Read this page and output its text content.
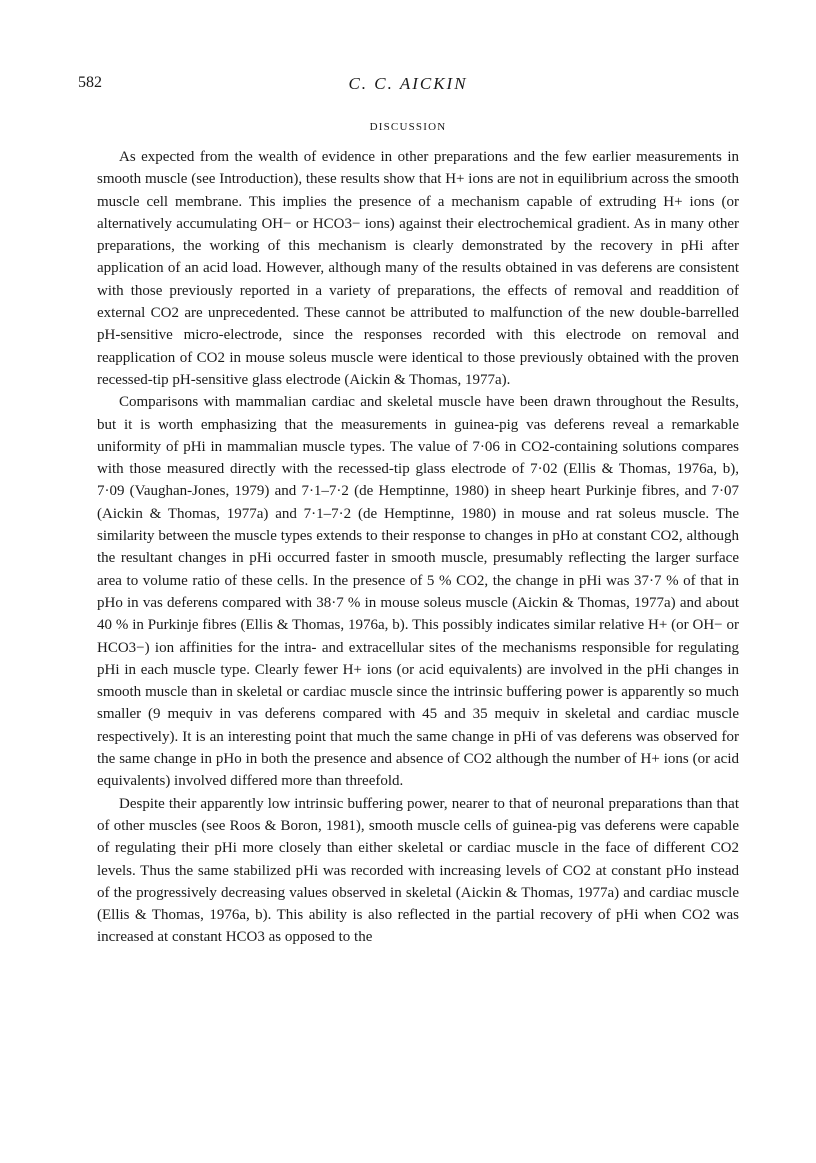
582	C. C. AICKIN
DISCUSSION

As expected from the wealth of evidence in other preparations and the few earlier measurements in smooth muscle (see Introduction), these results show that H+ ions are not in equilibrium across the smooth muscle cell membrane. This implies the presence of a mechanism capable of extruding H+ ions (or alternatively accumulating OH− or HCO3− ions) against their electrochemical gradient. As in many other preparations, the working of this mechanism is clearly demonstrated by the recovery in pHi after application of an acid load. However, although many of the results obtained in vas deferens are consistent with those previously reported in a variety of preparations, the effects of removal and readdition of external CO2 are unprecedented. These cannot be attributed to malfunction of the new double-barrelled pH-sensitive micro-electrode, since the responses recorded with this electrode on removal and reapplication of CO2 in mouse soleus muscle were identical to those previously obtained with the proven recessed-tip pH-sensitive glass electrode (Aickin & Thomas, 1977a).

Comparisons with mammalian cardiac and skeletal muscle have been drawn throughout the Results, but it is worth emphasizing that the measurements in guinea-pig vas deferens reveal a remarkable uniformity of pHi in mammalian muscle types. The value of 7·06 in CO2-containing solutions compares with those measured directly with the recessed-tip glass electrode of 7·02 (Ellis & Thomas, 1976a, b), 7·09 (Vaughan-Jones, 1979) and 7·1–7·2 (de Hemptinne, 1980) in sheep heart Purkinje fibres, and 7·07 (Aickin & Thomas, 1977a) and 7·1–7·2 (de Hemptinne, 1980) in mouse and rat soleus muscle. The similarity between the muscle types extends to their response to changes in pHo at constant CO2, although the resultant changes in pHi occurred faster in smooth muscle, presumably reflecting the larger surface area to volume ratio of these cells. In the presence of 5 % CO2, the change in pHi was 37·7 % of that in pHo in vas deferens compared with 38·7 % in mouse soleus muscle (Aickin & Thomas, 1977a) and about 40 % in Purkinje fibres (Ellis & Thomas, 1976a, b). This possibly indicates similar relative H+ (or OH− or HCO3−) ion affinities for the intra- and extracellular sites of the mechanisms responsible for regulating pHi in each muscle type. Clearly fewer H+ ions (or acid equivalents) are involved in the pHi changes in smooth muscle than in skeletal or cardiac muscle since the intrinsic buffering power is apparently so much smaller (9 mequiv in vas deferens compared with 45 and 35 mequiv in skeletal and cardiac muscle respectively). It is an interesting point that much the same change in pHi of vas deferens was observed for the same change in pHo in both the presence and absence of CO2 although the number of H+ ions (or acid equivalents) involved differed more than threefold.

Despite their apparently low intrinsic buffering power, nearer to that of neuronal preparations than that of other muscles (see Roos & Boron, 1981), smooth muscle cells of guinea-pig vas deferens were capable of regulating their pHi more closely than either skeletal or cardiac muscle in the face of different CO2 levels. Thus the same stabilized pHi was recorded with increasing levels of CO2 at constant pHo instead of the progressively decreasing values observed in skeletal (Aickin & Thomas, 1977a) and cardiac muscle (Ellis & Thomas, 1976a, b). This ability is also reflected in the partial recovery of pHi when CO2 was increased at constant HCO3 as opposed to the
